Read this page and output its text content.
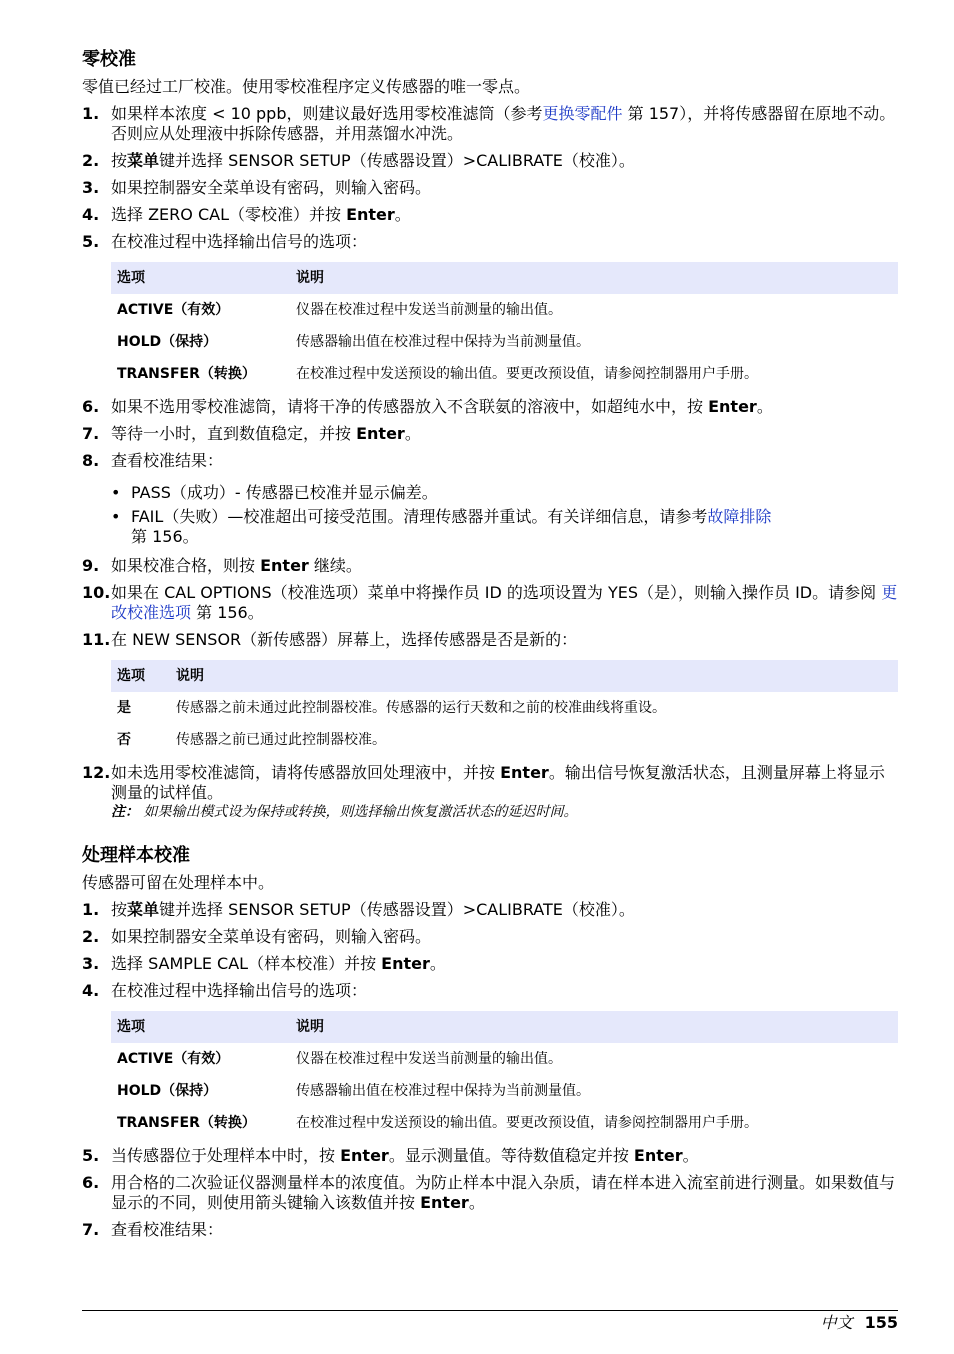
零校准
零值已经过工厂校准。使用零校准程序定义传感器的唯一零点。
1. 如果样本浓度 < 10 ppb，则建议最好选用零校准滤筒（参考更换零配件 第 157），并将传感器留在原地不动。否则应从处理液中拆除传感器，并用蒸馏水冲洗。
2. 按菜单键并选择 SENSOR SETUP（传感器设置）>CALIBRATE（校准）。
3. 如果控制器安全菜单设有密码，则输入密码。
4. 选择 ZERO CAL（零校准）并按 Enter。
5. 在校准过程中选择输出信号的选项：
选项	说明
ACTIVE（有效）	仪器在校准过程中发送当前测量的输出值。
HOLD（保持）	传感器输出值在校准过程中保持为当前测量值。
TRANSFER（转换）	在校准过程中发送预设的输出值。要更改预设值，请参阅控制器用户手册。
6. 如果不选用零校准滤筒，请将干净的传感器放入不含联氨的溶液中，如超纯水中，按 Enter。
7. 等待一小时，直到数值稳定，并按 Enter。
8. 查看校准结果：
• PASS（成功）- 传感器已校准并显示偏差。
• FAIL（失败）—校准超出可接受范围。清理传感器并重试。有关详细信息，请参考故障排除
第 156。
9. 如果校准合格，则按 Enter 继续。
10. 如果在 CAL OPTIONS（校准选项）菜单中将操作员 ID 的选项设置为 YES（是），则输入操作员 ID。请参阅 更改校准选项 第 156。
11. 在 NEW SENSOR（新传感器）屏幕上，选择传感器是否是新的：
选项	说明
是	传感器之前未通过此控制器校准。传感器的运行天数和之前的校准曲线将重设。
否	传感器之前已通过此控制器校准。
12. 如未选用零校准滤筒，请将传感器放回处理液中，并按 Enter。输出信号恢复激活状态，且测量屏幕上将显示测量的试样值。
注： 如果输出模式设为保持或转换，则选择输出恢复激活状态的延迟时间。
处理样本校准
传感器可留在处理样本中。
1. 按菜单键并选择 SENSOR SETUP（传感器设置）>CALIBRATE（校准）。
2. 如果控制器安全菜单设有密码，则输入密码。
3. 选择 SAMPLE CAL（样本校准）并按 Enter。
4. 在校准过程中选择输出信号的选项：
选项	说明
ACTIVE（有效）	仪器在校准过程中发送当前测量的输出值。
HOLD（保持）	传感器输出值在校准过程中保持为当前测量值。
TRANSFER（转换）	在校准过程中发送预设的输出值。要更改预设值，请参阅控制器用户手册。
5. 当传感器位于处理样本中时，按 Enter。显示测量值。等待数值稳定并按 Enter。
6. 用合格的二次验证仪器测量样本的浓度值。为防止样本中混入杂质，请在样本进入流室前进行测量。如果数值与显示的不同，则使用箭头键输入该数值并按 Enter。
7. 查看校准结果：
中文 155
